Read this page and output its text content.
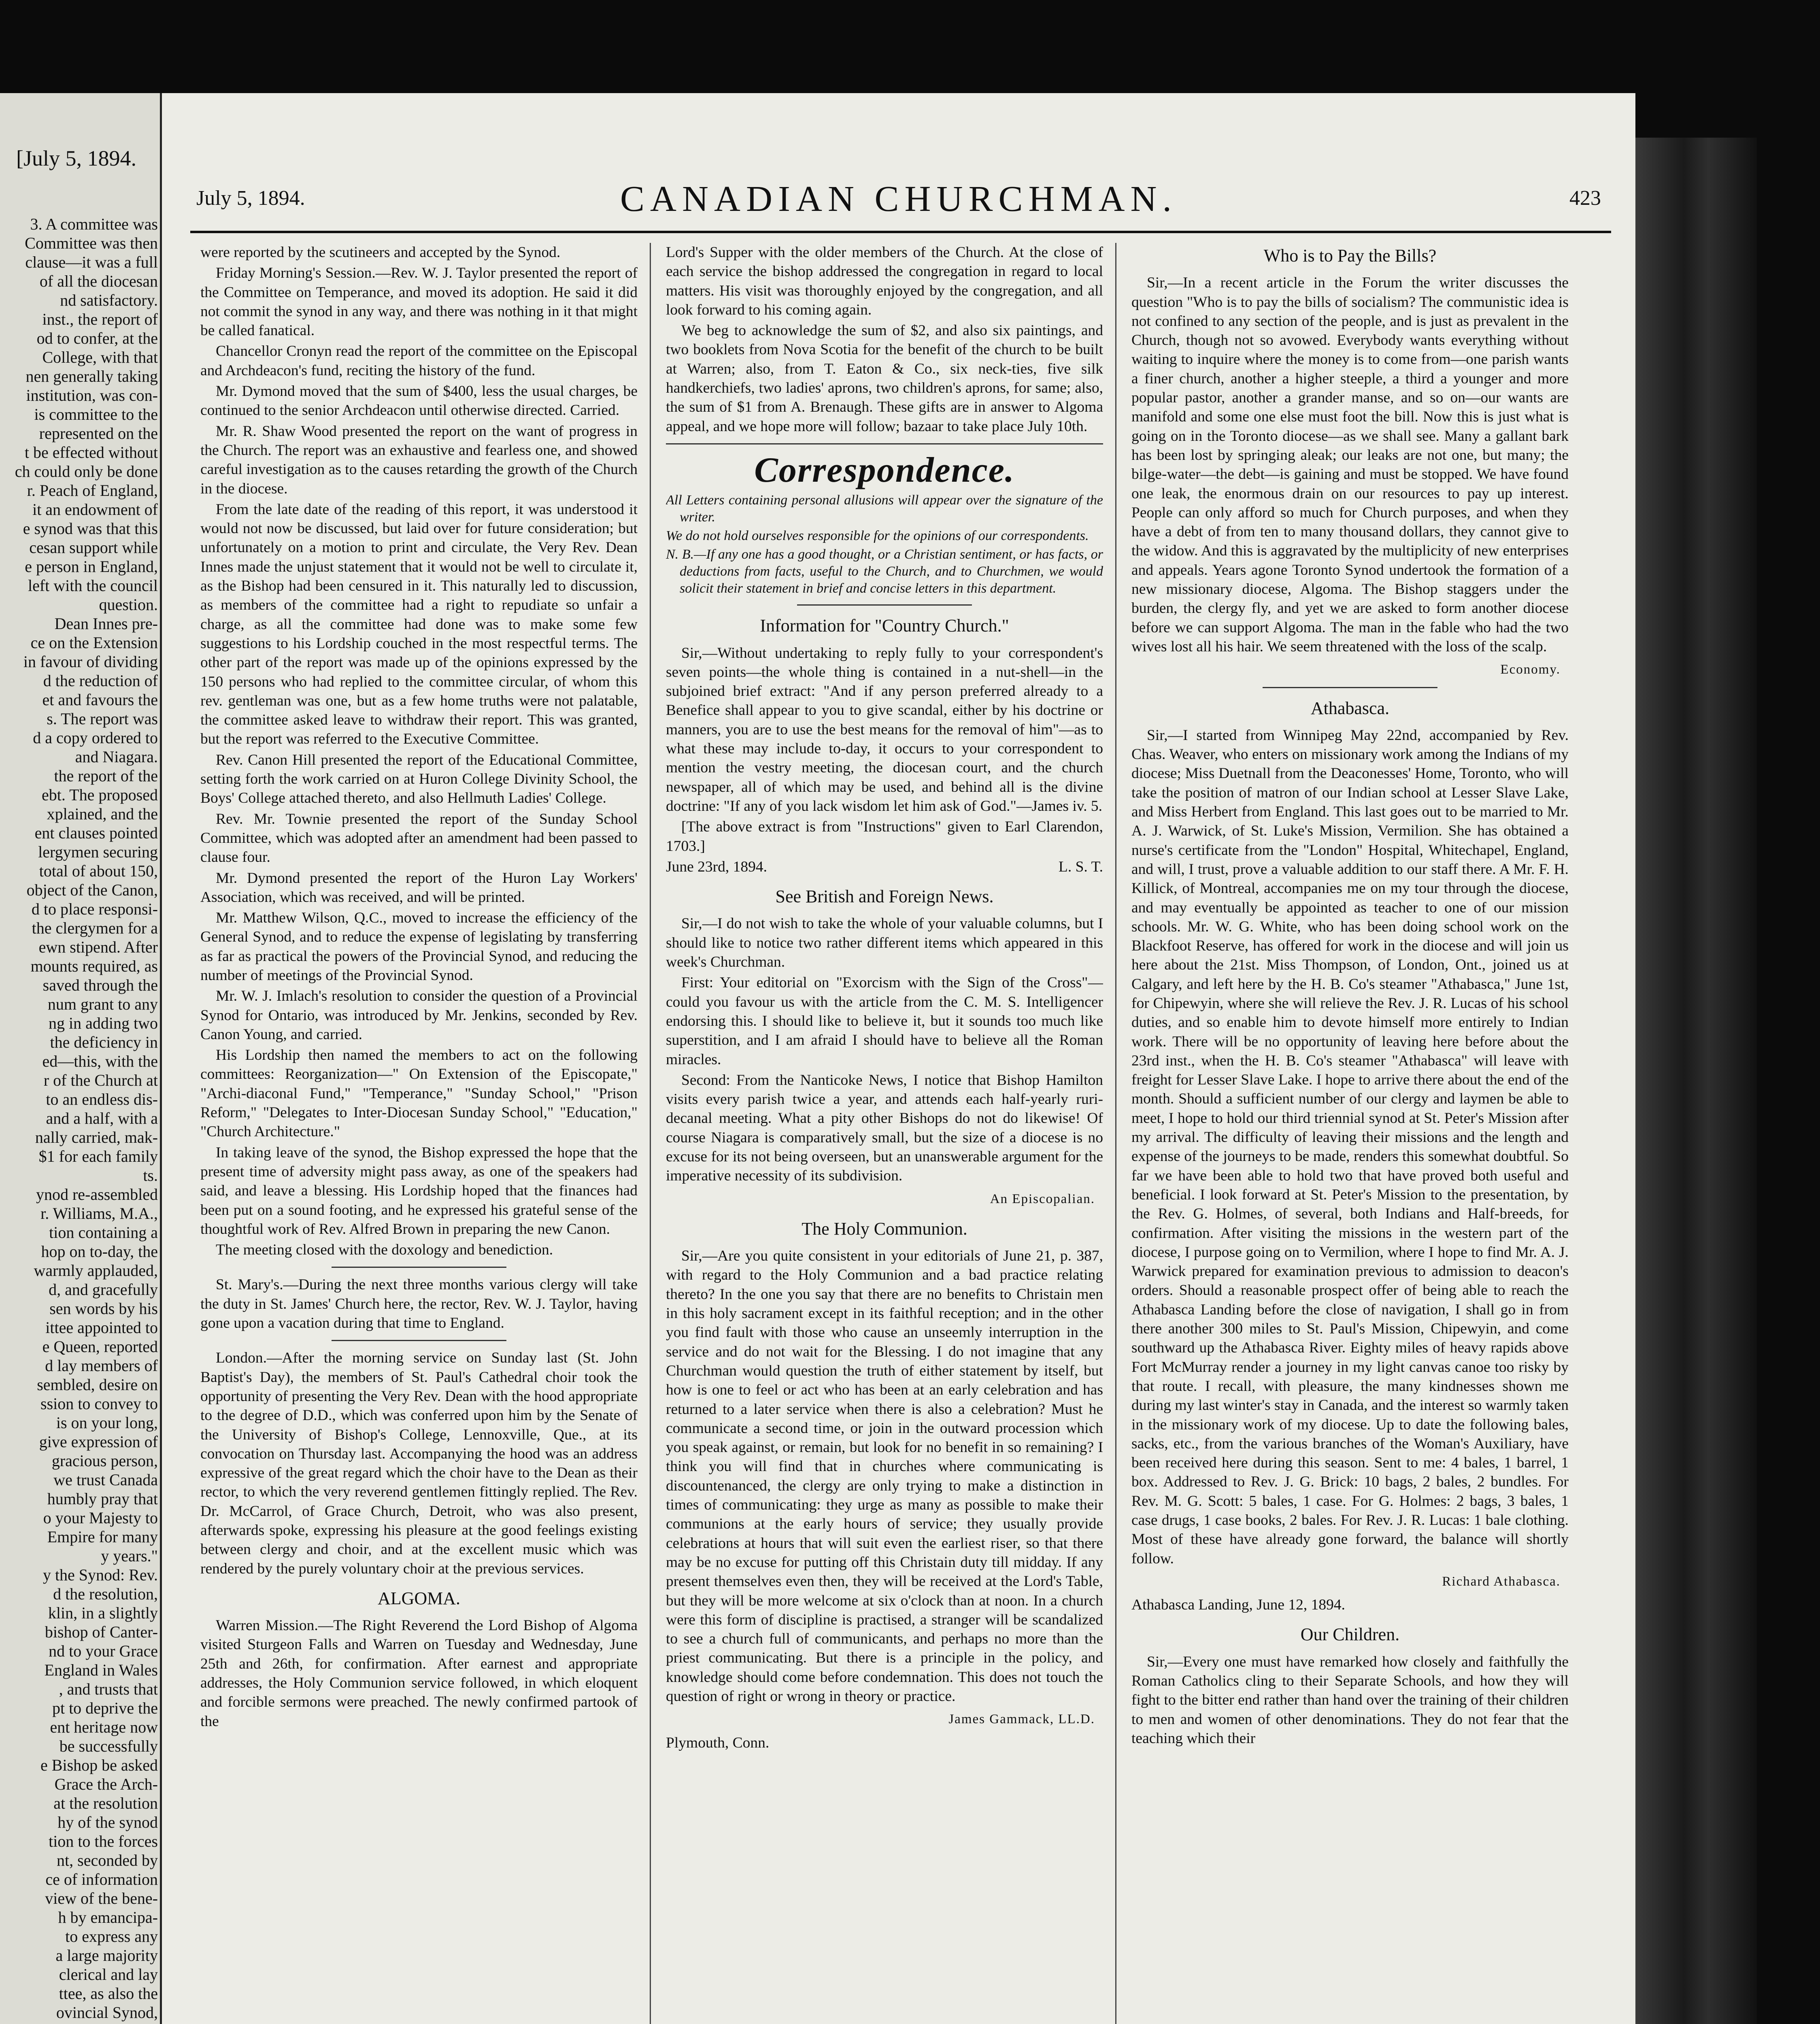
[July 5, 1894.
3. A committee was
Committee was then
clause—it was a full
of all the diocesan
nd satisfactory.
inst., the report of
od to confer, at the
College, with that
nen generally taking
institution, was con-
is committee to the
represented on the
t be effected without
ch could only be done
r. Peach of England,
it an endowment of
e synod was that this
cesan support while
e person in England,
left with the council
question.
Dean Innes pre-
ce on the Extension
in favour of dividing
d the reduction of
et and favours the
s. The report was
d a copy ordered to
and Niagara.
the report of the
ebt. The proposed
xplained, and the
ent clauses pointed
lergymen securing
total of about 150,
object of the Canon,
d to place responsi-
the clergymen for a
ewn stipend. After
mounts required, as
saved through the
num grant to any
ng in adding two
the deficiency in
ed—this, with the
r of the Church at
to an endless dis-
and a half, with a
nally carried, mak-
$1 for each family
ts.
ynod re-assembled
r. Williams, M.A.,
tion containing a
hop on to-day, the
warmly applauded,
d, and gracefully
sen words by his
ittee appointed to
e Queen, reported
d lay members of
sembled, desire on
ssion to convey to
is on your long,
give expression of
gracious person,
we trust Canada
humbly pray that
o your Majesty to
Empire for many
y years."
y the Synod: Rev.
d the resolution,
klin, in a slightly
bishop of Canter-
nd to your Grace
England in Wales
, and trusts that
pt to deprive the
ent heritage now
be successfully
e Bishop be asked
Grace the Arch-
at the resolution
hy of the synod
tion to the forces
nt, seconded by
ce of information
view of the bene-
h by emancipa-
to express any
a large majority
clerical and lay
ttee, as also the
ovincial Synod,
July 5, 1894.	CANADIAN CHURCHMAN.	423

were reported by the scutineers and accepted by the Synod.

Friday Morning's Session.—Rev. W. J. Taylor presented the report of the Committee on Temperance, and moved its adoption. He said it did not commit the synod in any way, and there was nothing in it that might be called fanatical.

Chancellor Cronyn read the report of the committee on the Episcopal and Archdeacon's fund, reciting the history of the fund.

Mr. Dymond moved that the sum of $400, less the usual charges, be continued to the senior Archdeacon until otherwise directed. Carried.

Mr. R. Shaw Wood presented the report on the want of progress in the Church. The report was an exhaustive and fearless one, and showed careful investigation as to the causes retarding the growth of the Church in the diocese.

From the late date of the reading of this report, it was understood it would not now be discussed, but laid over for future consideration; but unfortunately on a motion to print and circulate, the Very Rev. Dean Innes made the unjust statement that it would not be well to circulate it, as the Bishop had been censured in it. This naturally led to discussion, as members of the committee had a right to repudiate so unfair a charge, as all the committee had done was to make some few suggestions to his Lordship couched in the most respectful terms. The other part of the report was made up of the opinions expressed by the 150 persons who had replied to the committee circular, of whom this rev. gentleman was one, but as a few home truths were not palatable, the committee asked leave to withdraw their report. This was granted, but the report was referred to the Executive Committee.

Rev. Canon Hill presented the report of the Educational Committee, setting forth the work carried on at Huron College Divinity School, the Boys' College attached thereto, and also Hellmuth Ladies' College.

Rev. Mr. Townie presented the report of the Sunday School Committee, which was adopted after an amendment had been passed to clause four.

Mr. Dymond presented the report of the Huron Lay Workers' Association, which was received, and will be printed.

Mr. Matthew Wilson, Q.C., moved to increase the efficiency of the General Synod, and to reduce the expense of legislating by transferring as far as practical the powers of the Provincial Synod, and reducing the number of meetings of the Provincial Synod.

Mr. W. J. Imlach's resolution to consider the question of a Provincial Synod for Ontario, was introduced by Mr. Jenkins, seconded by Rev. Canon Young, and carried.

His Lordship then named the members to act on the following committees: Reorganization—" On Extension of the Episcopate," "Archi-diaconal Fund," "Temperance," "Sunday School," "Prison Reform," "Delegates to Inter-Diocesan Sunday School," "Education," "Church Architecture."

In taking leave of the synod, the Bishop expressed the hope that the present time of adversity might pass away, as one of the speakers had said, and leave a blessing. His Lordship hoped that the finances had been put on a sound footing, and he expressed his grateful sense of the thoughtful work of Rev. Alfred Brown in preparing the new Canon.

The meeting closed with the doxology and benediction.

St. Mary's.—During the next three months various clergy will take the duty in St. James' Church here, the rector, Rev. W. J. Taylor, having gone upon a vacation during that time to England.

London.—After the morning service on Sunday last (St. John Baptist's Day), the members of St. Paul's Cathedral choir took the opportunity of presenting the Very Rev. Dean with the hood appropriate to the degree of D.D., which was conferred upon him by the Senate of the University of Bishop's College, Lennoxville, Que., at its convocation on Thursday last. Accompanying the hood was an address expressive of the great regard which the choir have to the Dean as their rector, to which the very reverend gentlemen fittingly replied. The Rev. Dr. McCarrol, of Grace Church, Detroit, who was also present, afterwards spoke, expressing his pleasure at the good feelings existing between clergy and choir, and at the excellent music which was rendered by the purely voluntary choir at the previous services.

ALGOMA.

Warren Mission.—The Right Reverend the Lord Bishop of Algoma visited Sturgeon Falls and Warren on Tuesday and Wednesday, June 25th and 26th, for confirmation. After earnest and appropriate addresses, the Holy Communion service followed, in which eloquent and forcible sermons were preached. The newly confirmed partook of the

Lord's Supper with the older members of the Church. At the close of each service the bishop addressed the congregation in regard to local matters. His visit was thoroughly enjoyed by the congregation, and all look forward to his coming again.

We beg to acknowledge the sum of $2, and also six paintings, and two booklets from Nova Scotia for the benefit of the church to be built at Warren; also, from T. Eaton & Co., six neck-ties, five silk handkerchiefs, two ladies' aprons, two children's aprons, for same; also, the sum of $1 from A. Brenaugh. These gifts are in answer to Algoma appeal, and we hope more will follow; bazaar to take place July 10th.

Correspondence.

All Letters containing personal allusions will appear over the signature of the writer.

We do not hold ourselves responsible for the opinions of our correspondents.

N. B.—If any one has a good thought, or a Christian sentiment, or has facts, or deductions from facts, useful to the Church, and to Churchmen, we would solicit their statement in brief and concise letters in this department.

Information for "Country Church."

Sir,—Without undertaking to reply fully to your correspondent's seven points—the whole thing is contained in a nut-shell—in the subjoined brief extract: "And if any person preferred already to a Benefice shall appear to you to give scandal, either by his doctrine or manners, you are to use the best means for the removal of him"—as to what these may include to-day, it occurs to your correspondent to mention the vestry meeting, the diocesan court, and the church newspaper, all of which may be used, and behind all is the divine doctrine: "If any of you lack wisdom let him ask of God."—James iv. 5.

[The above extract is from "Instructions" given to Earl Clarendon, 1703.]

June 23rd, 1894.	L. S. T.
See British and Foreign News.

Sir,—I do not wish to take the whole of your valuable columns, but I should like to notice two rather different items which appeared in this week's Churchman.

First: Your editorial on "Exorcism with the Sign of the Cross"—could you favour us with the article from the C. M. S. Intelligencer endorsing this. I should like to believe it, but it sounds too much like superstition, and I am afraid I should have to believe all the Roman miracles.

Second: From the Nanticoke News, I notice that Bishop Hamilton visits every parish twice a year, and attends each half-yearly ruri-decanal meeting. What a pity other Bishops do not do likewise! Of course Niagara is comparatively small, but the size of a diocese is no excuse for its not being overseen, but an unanswerable argument for the imperative necessity of its subdivision.

An Episcopalian.
The Holy Communion.

Sir,—Are you quite consistent in your editorials of June 21, p. 387, with regard to the Holy Communion and a bad practice relating thereto? In the one you say that there are no benefits to Christain men in this holy sacrament except in its faithful reception; and in the other you find fault with those who cause an unseemly interruption in the service and do not wait for the Blessing. I do not imagine that any Churchman would question the truth of either statement by itself, but how is one to feel or act who has been at an early celebration and has returned to a later service when there is also a celebration? Must he communicate a second time, or join in the outward procession which you speak against, or remain, but look for no benefit in so remaining? I think you will find that in churches where communicating is discountenanced, the clergy are only trying to make a distinction in times of communicating: they urge as many as possible to make their communions at the early hours of service; they usually provide celebrations at hours that will suit even the earliest riser, so that there may be no excuse for putting off this Christain duty till midday. If any present themselves even then, they will be received at the Lord's Table, but they will be more welcome at six o'clock than at noon. In a church were this form of discipline is practised, a stranger will be scandalized to see a church full of communicants, and perhaps no more than the priest communicating. But there is a principle in the policy, and knowledge should come before condemnation. This does not touch the question of right or wrong in theory or practice.

James Gammack, LL.D.

Plymouth, Conn.

Who is to Pay the Bills?

Sir,—In a recent article in the Forum the writer discusses the question "Who is to pay the bills of socialism? The communistic idea is not confined to any section of the people, and is just as prevalent in the Church, though not so avowed. Everybody wants everything without waiting to inquire where the money is to come from—one parish wants a finer church, another a higher steeple, a third a younger and more popular pastor, another a grander manse, and so on—our wants are manifold and some one else must foot the bill. Now this is just what is going on in the Toronto diocese—as we shall see. Many a gallant bark has been lost by springing aleak; our leaks are not one, but many; the bilge-water—the debt—is gaining and must be stopped. We have found one leak, the enormous drain on our resources to pay up interest. People can only afford so much for Church purposes, and when they have a debt of from ten to many thousand dollars, they cannot give to the widow. And this is aggravated by the multiplicity of new enterprises and appeals. Years agone Toronto Synod undertook the formation of a new missionary diocese, Algoma. The Bishop staggers under the burden, the clergy fly, and yet we are asked to form another diocese before we can support Algoma. The man in the fable who had the two wives lost all his hair. We seem threatened with the loss of the scalp.

Economy.
Athabasca.

Sir,—I started from Winnipeg May 22nd, accompanied by Rev. Chas. Weaver, who enters on missionary work among the Indians of my diocese; Miss Duetnall from the Deaconesses' Home, Toronto, who will take the position of matron of our Indian school at Lesser Slave Lake, and Miss Herbert from England. This last goes out to be married to Mr. A. J. Warwick, of St. Luke's Mission, Vermilion. She has obtained a nurse's certificate from the "London" Hospital, Whitechapel, England, and will, I trust, prove a valuable addition to our staff there. A Mr. F. H. Killick, of Montreal, accompanies me on my tour through the diocese, and may eventually be appointed as teacher to one of our mission schools. Mr. W. G. White, who has been doing school work on the Blackfoot Reserve, has offered for work in the diocese and will join us here about the 21st. Miss Thompson, of London, Ont., joined us at Calgary, and left here by the H. B. Co's steamer "Athabasca," June 1st, for Chipewyin, where she will relieve the Rev. J. R. Lucas of his school duties, and so enable him to devote himself more entirely to Indian work. There will be no opportunity of leaving here before about the 23rd inst., when the H. B. Co's steamer "Athabasca" will leave with freight for Lesser Slave Lake. I hope to arrive there about the end of the month. Should a sufficient number of our clergy and laymen be able to meet, I hope to hold our third triennial synod at St. Peter's Mission after my arrival. The difficulty of leaving their missions and the length and expense of the journeys to be made, renders this somewhat doubtful. So far we have been able to hold two that have proved both useful and beneficial. I look forward at St. Peter's Mission to the presentation, by the Rev. G. Holmes, of several, both Indians and Half-breeds, for confirmation. After visiting the missions in the western part of the diocese, I purpose going on to Vermilion, where I hope to find Mr. A. J. Warwick prepared for examination previous to admission to deacon's orders. Should a reasonable prospect offer of being able to reach the Athabasca Landing before the close of navigation, I shall go in from there another 300 miles to St. Paul's Mission, Chipewyin, and come southward up the Athabasca River. Eighty miles of heavy rapids above Fort McMurray render a journey in my light canvas canoe too risky by that route. I recall, with pleasure, the many kindnesses shown me during my last winter's stay in Canada, and the interest so warmly taken in the missionary work of my diocese. Up to date the following bales, sacks, etc., from the various branches of the Woman's Auxiliary, have been received here during this season. Sent to me: 4 bales, 1 barrel, 1 box. Addressed to Rev. J. G. Brick: 10 bags, 2 bales, 2 bundles. For Rev. M. G. Scott: 5 bales, 1 case. For G. Holmes: 2 bags, 3 bales, 1 case drugs, 1 case books, 2 bales. For Rev. J. R. Lucas: 1 bale clothing. Most of these have already gone forward, the balance will shortly follow.

Richard Athabasca.

Athabasca Landing, June 12, 1894.

Our Children.

Sir,—Every one must have remarked how closely and faithfully the Roman Catholics cling to their Separate Schools, and how they will fight to the bitter end rather than hand over the training of their children to men and women of other denominations. They do not fear that the teaching which their
